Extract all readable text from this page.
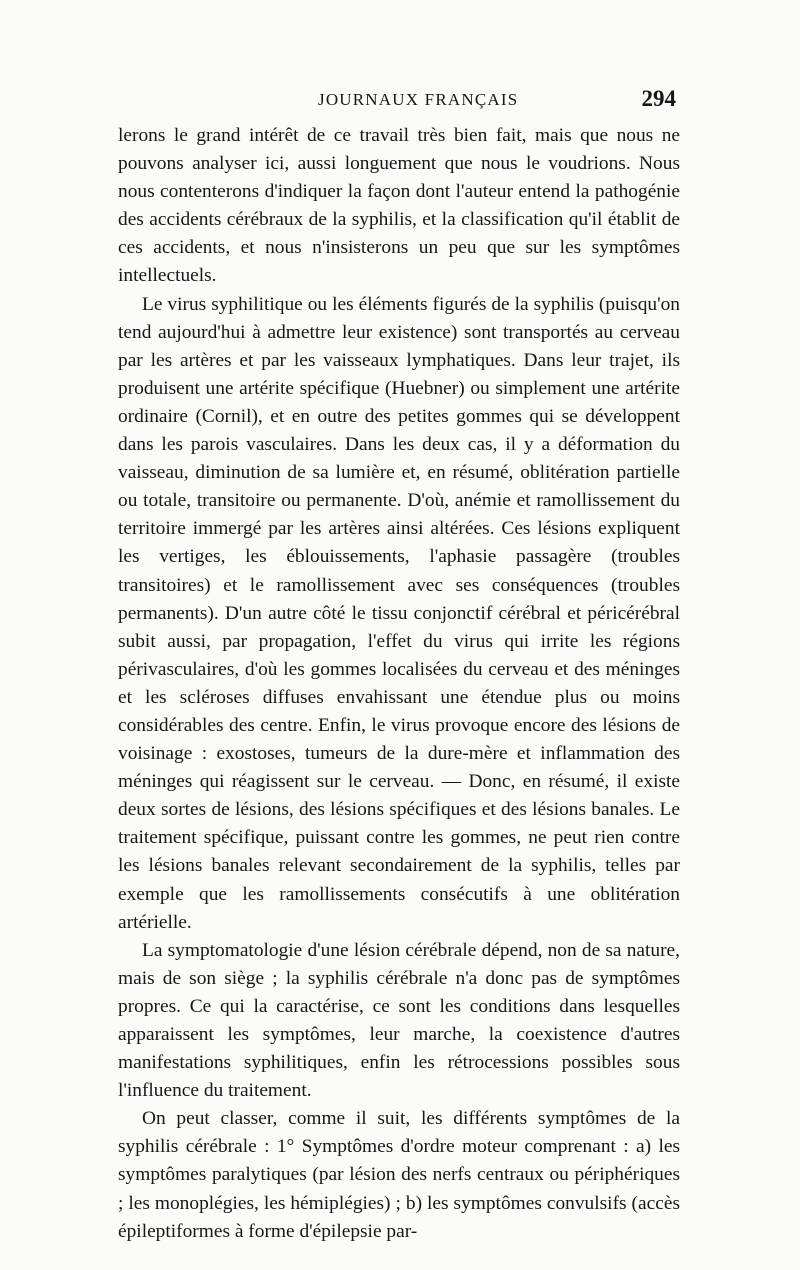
JOURNAUX FRANÇAIS	294

lerons le grand intérêt de ce travail très bien fait, mais que nous ne pouvons analyser ici, aussi longuement que nous le voudrions. Nous nous contenterons d'indiquer la façon dont l'auteur entend la pathogénie des accidents cérébraux de la syphilis, et la classification qu'il établit de ces accidents, et nous n'insisterons un peu que sur les symptômes intellectuels.

Le virus syphilitique ou les éléments figurés de la syphilis (puisqu'on tend aujourd'hui à admettre leur existence) sont transportés au cerveau par les artères et par les vaisseaux lymphatiques. Dans leur trajet, ils produisent une artérite spécifique (Huebner) ou simplement une artérite ordinaire (Cornil), et en outre des petites gommes qui se développent dans les parois vasculaires. Dans les deux cas, il y a déformation du vaisseau, diminution de sa lumière et, en résumé, oblitération partielle ou totale, transitoire ou permanente. D'où, anémie et ramollissement du territoire immergé par les artères ainsi altérées. Ces lésions expliquent les vertiges, les éblouissements, l'aphasie passagère (troubles transitoires) et le ramollissement avec ses conséquences (troubles permanents). D'un autre côté le tissu conjonctif cérébral et péricérébral subit aussi, par propagation, l'effet du virus qui irrite les régions périvasculaires, d'où les gommes localisées du cerveau et des méninges et les scléroses diffuses envahissant une étendue plus ou moins considérables des centre. Enfin, le virus provoque encore des lésions de voisinage : exostoses, tumeurs de la dure-mère et inflammation des méninges qui réagissent sur le cerveau. — Donc, en résumé, il existe deux sortes de lésions, des lésions spécifiques et des lésions banales. Le traitement spécifique, puissant contre les gommes, ne peut rien contre les lésions banales relevant secondairement de la syphilis, telles par exemple que les ramollissements consécutifs à une oblitération artérielle.

La symptomatologie d'une lésion cérébrale dépend, non de sa nature, mais de son siège ; la syphilis cérébrale n'a donc pas de symptômes propres. Ce qui la caractérise, ce sont les conditions dans lesquelles apparaissent les symptômes, leur marche, la coexistence d'autres manifestations syphilitiques, enfin les rétrocessions possibles sous l'influence du traitement.

On peut classer, comme il suit, les différents symptômes de la syphilis cérébrale : 1° Symptômes d'ordre moteur comprenant : a) les symptômes paralytiques (par lésion des nerfs centraux ou périphériques ; les monoplégies, les hémiplégies) ; b) les symptômes convulsifs (accès épileptiformes à forme d'épilepsie par-
